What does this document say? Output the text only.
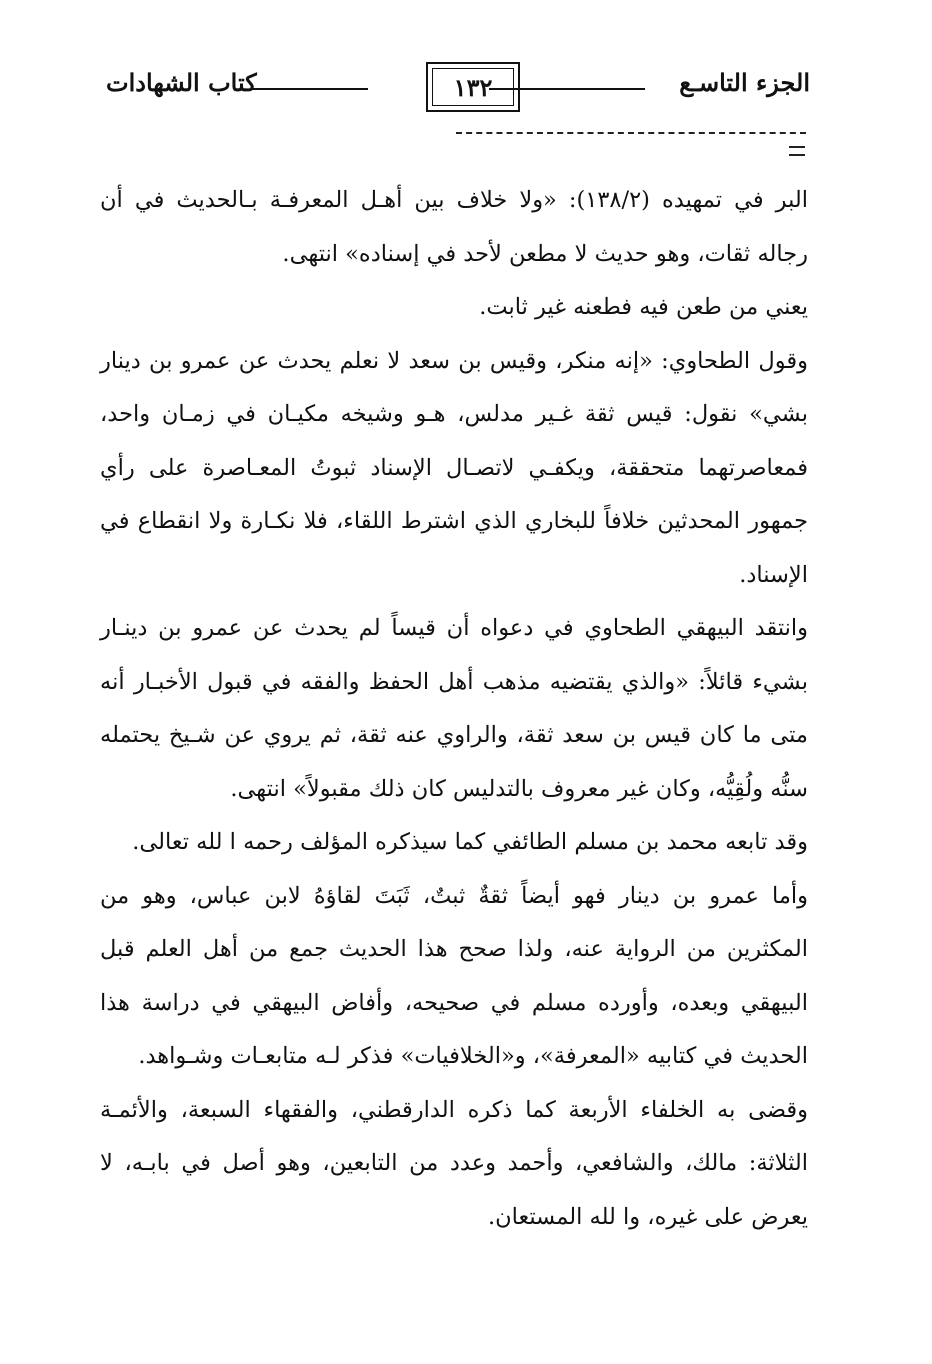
الجزء التاسـع
١٣٢
كتاب الشهادات

البر في تمهيده (١٣٨/٢): «ولا خلاف بين أهـل المعرفـة بـالحديث في أن رجاله ثقات، وهو حديث لا مطعن لأحد في إسناده» انتهى.

يعني من طعن فيه فطعنه غير ثابت.

وقول الطحاوي: «إنه منكر، وقيس بن سعد لا نعلم يحدث عن عمرو بن دينار بشي» نقول: قيس ثقة غـير مدلس، هـو وشيخه مكيـان في زمـان واحد، فمعاصرتهما متحققة، ويكفـي لاتصـال الإسناد ثبوتُ المعـاصرة على رأي جمهور المحدثين خلافاً للبخاري الذي اشترط اللقاء، فلا نكـارة ولا انقطاع في الإسناد.

وانتقد البيهقي الطحاوي في دعواه أن قيساً لم يحدث عن عمرو بن دينـار بشيء قائلاً: «والذي يقتضيه مذهب أهل الحفظ والفقه في قبول الأخبـار أنه متى ما كان قيس بن سعد ثقة، والراوي عنه ثقة، ثم يروي عن شـيخ يحتمله سنُّه ولُقِيُّه، وكان غير معروف بالتدليس كان ذلك مقبولاً» انتهى.

وقد تابعه محمد بن مسلم الطائفي كما سيذكره المؤلف رحمه ا لله تعالى.

وأما عمرو بن دينار فهو أيضاً ثقةٌ ثبتٌ، ثَبَتَ لقاؤهُ لابن عباس، وهو من المكثرين من الرواية عنه، ولذا صحح هذا الحديث جمع من أهل العلم قبل البيهقي وبعده، وأورده مسلم في صحيحه، وأفاض البيهقي في دراسة هذا الحديث في كتابيه «المعرفة»، و«الخلافيات» فذكر لـه متابعـات وشـواهد.

وقضى به الخلفاء الأربعة كما ذكره الدارقطني، والفقهاء السبعة، والأئمـة الثلاثة: مالك، والشافعي، وأحمد وعدد من التابعين، وهو أصل في بابـه، لا يعرض على غيره، وا لله المستعان.
